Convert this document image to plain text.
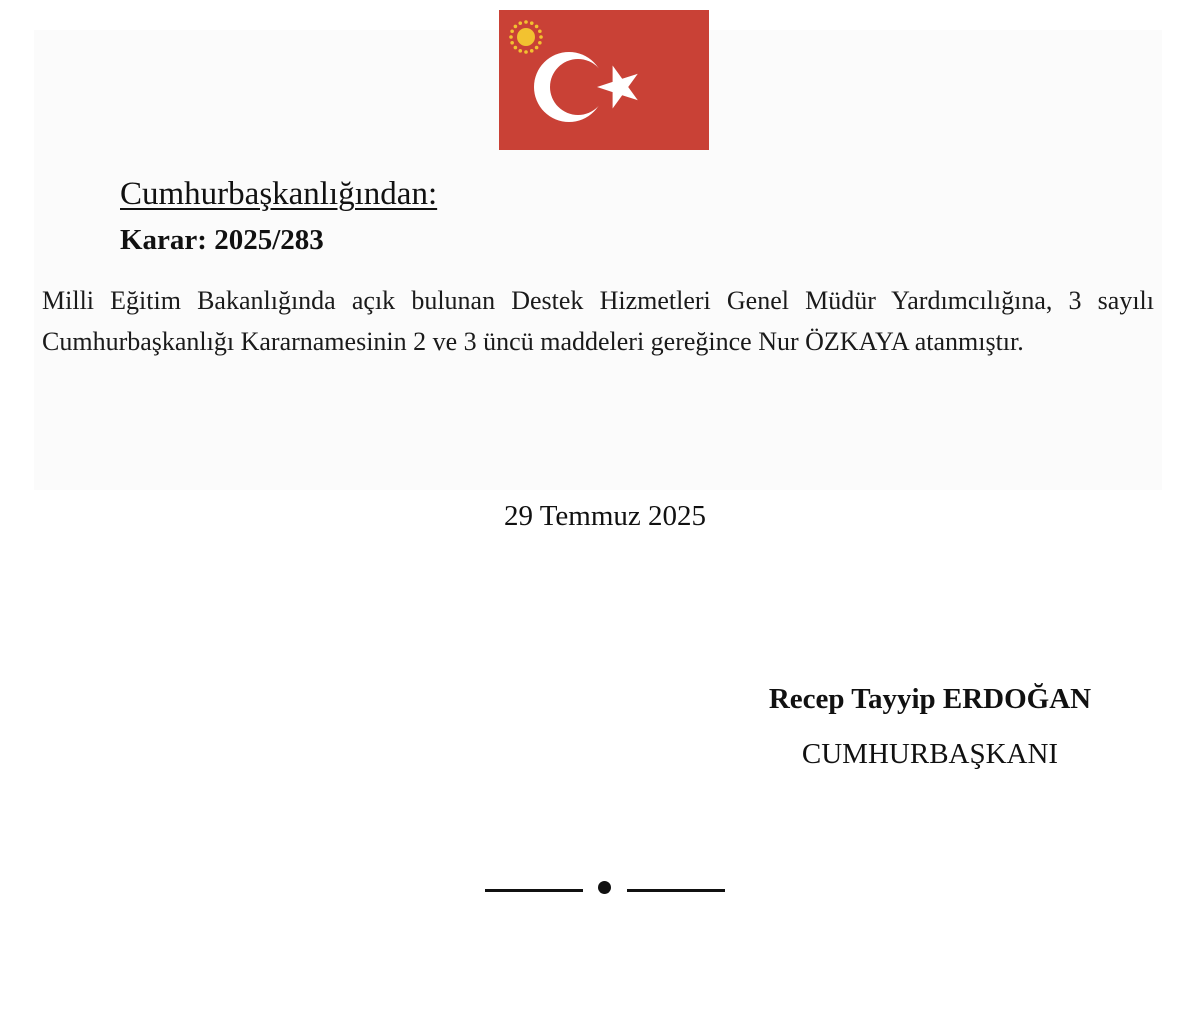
Cumhurbaşkanlığından:
Karar: 2025/283
Milli Eğitim Bakanlığında açık bulunan Destek Hizmetleri Genel Müdür Yardımcılığına, 3 sayılı Cumhurbaşkanlığı Kararnamesinin 2 ve 3 üncü maddeleri gereğince Nur ÖZKAYA atanmıştır.
29 Temmuz 2025
Recep Tayyip ERDOĞAN
CUMHURBAŞKANI
